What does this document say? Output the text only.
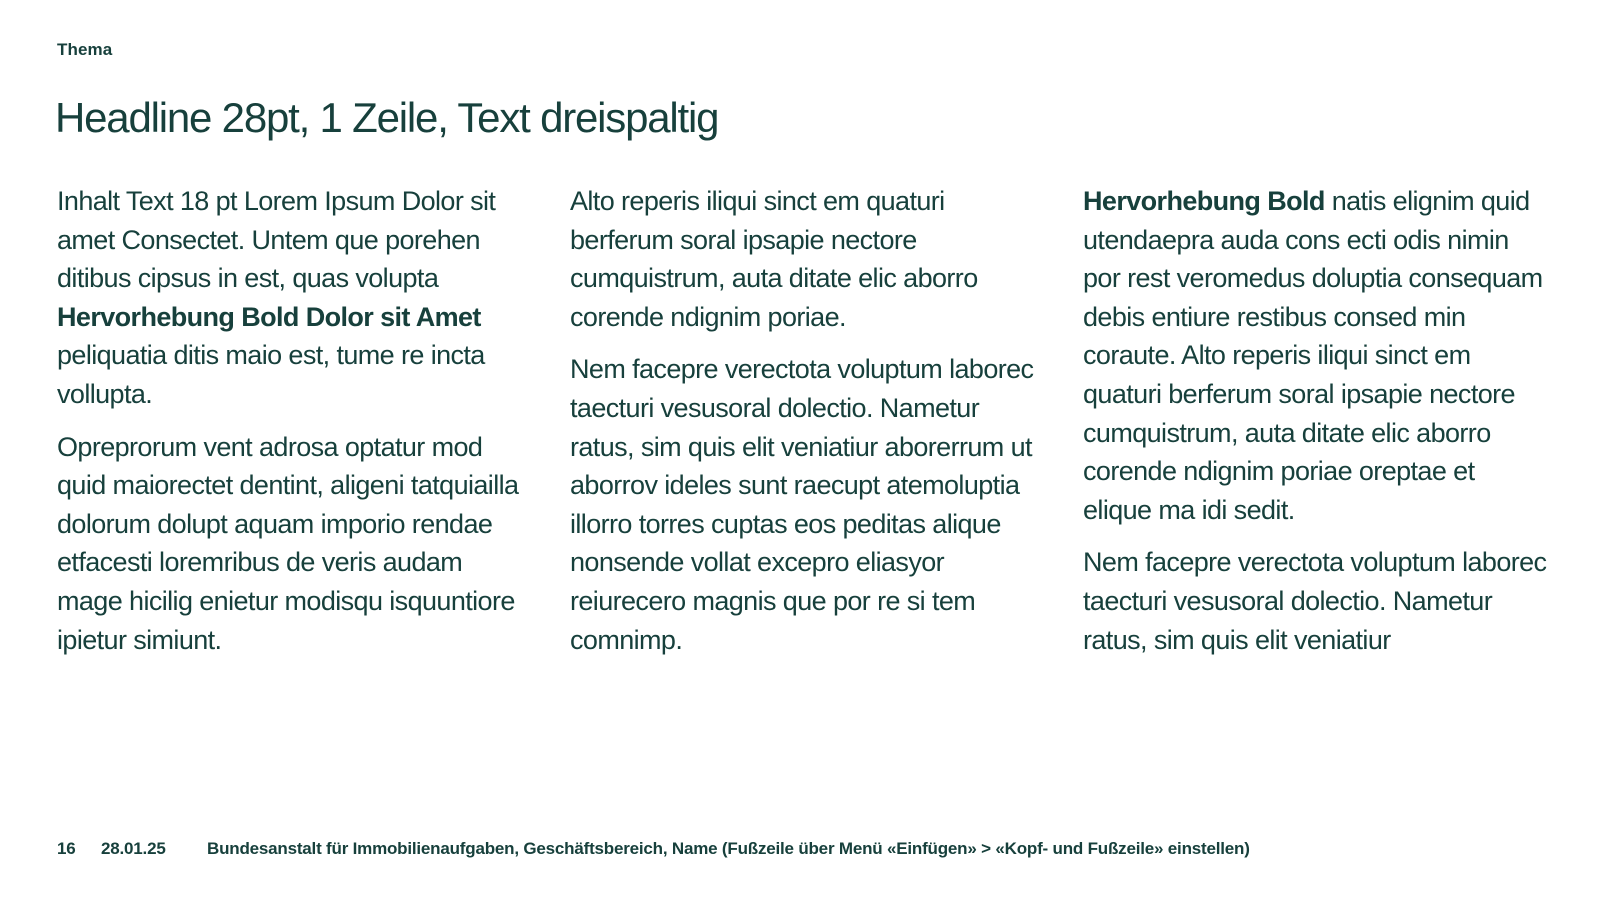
Thema
Headline 28pt, 1 Zeile, Text dreispaltig

Inhalt Text 18 pt Lorem Ipsum Dolor sit amet Consectet. Untem que porehen ditibus cipsus in est, quas volupta Hervorhebung Bold Dolor sit Amet peliquatia ditis maio est, tume re incta vollupta.

Opreprorum vent adrosa optatur mod quid maiorectet dentint, aligeni tatquiailla dolorum dolupt aquam imporio rendae etfacesti loremribus de veris audam mage hicilig enietur modisqu isquuntiore ipietur simiunt.

Alto reperis iliqui sinct em quaturi berferum soral ipsapie nectore cumquistrum, auta ditate elic aborro corende ndignim poriae.

Nem facepre verectota voluptum laborec taecturi vesusoral dolectio. Nametur ratus, sim quis elit veniatiur aborerrum ut aborrov ideles sunt raecupt atemoluptia illorro torres cuptas eos peditas alique nonsende vollat excepro eliasyor reiurecero magnis que por re si tem comnimp.

Hervorhebung Bold natis elignim quid utendaepra auda cons ecti odis nimin por rest veromedus doluptia consequam debis entiure restibus consed min coraute. Alto reperis iliqui sinct em quaturi berferum soral ipsapie nectore cumquistrum, auta ditate elic aborro corende ndignim poriae oreptae et elique ma idi sedit.

Nem facepre verectota voluptum laborec taecturi vesusoral dolectio. Nametur ratus, sim quis elit veniatiur

16 28.01.25 Bundesanstalt für Immobilienaufgaben, Geschäftsbereich, Name (Fußzeile über Menü «Einfügen» > «Kopf- und Fußzeile» einstellen)
